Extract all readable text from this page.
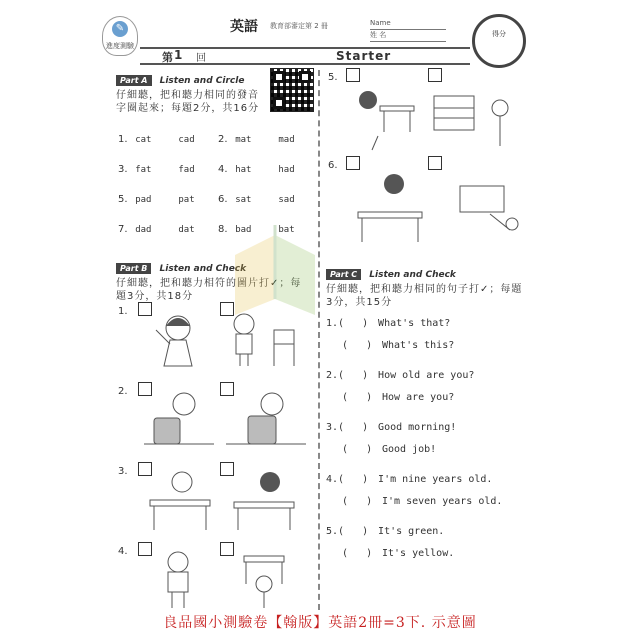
✎
進度測驗
英語 教育部審定第 2 冊	Name
姓 名	得分
第 1 回	Starter
Part A Listen and Circle
仔細聽，把和聽力相同的發音字圈起來；每題2分，共16分
1. cat	cad	2. mat	mad
3. fat	fad	4. hat	had
5. pad	pat	6. sat	sad
7. dad	dat	8. bad	bat
Part B Listen and Check
仔細聽，把和聽力相符的圖片打✓；每題3分，共18分
1.
2.
3.
4.
5.
6.
Part C Listen and Check
仔細聽，把和聽力相同的句子打✓；每題3分，共15分
1.(   ) What's that?
(   ) What's this?
2.(   ) How old are you?
(   ) How are you?
3.(   ) Good morning!
(   ) Good job!
4.(   ) I'm nine years old.
(   ) I'm seven years old.
5.(   ) It's green.
(   ) It's yellow.
良品國小測驗卷【翰版】英語2冊=3下. 示意圖
